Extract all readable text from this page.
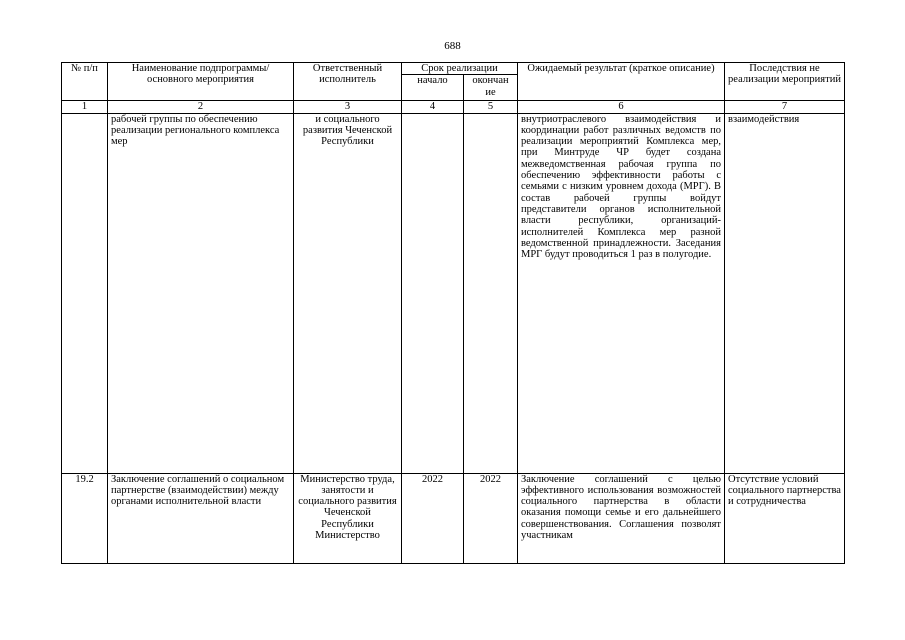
688
№ п/п	Наименование подпрограммы/ основного мероприятия	Ответственный исполнитель	Срок реализации		Ожидаемый результат (краткое описание)	Последствия не реализации мероприятий
			начало	окончан ие		
1	2	3	4	5	6	7
	рабочей группы по обеспечению реализации регионального комплекса мер	и социального развития Чеченской Республики			внутриотраслевого взаимодействия и координации работ различных ведомств по реализации мероприятий Комплекса мер, при Минтруде ЧР будет создана межведомственная рабочая группа по обеспечению эффективности работы с семьями с низким уровнем дохода (МРГ). В состав рабочей группы войдут представители органов исполнительной власти республики, организаций-исполнителей Комплекса мер разной ведомственной принадлежности. Заседания МРГ будут проводиться 1 раз в полугодие.	взаимодействия
19.2	Заключение соглашений о социальном партнерстве (взаимодействии) между органами исполнительной власти	Министерство труда, занятости и социального развития Чеченской Республики Министерство	2022	2022	Заключение соглашений с целью эффективного использования возможностей социального партнерства в области оказания помощи семье и его дальнейшего совершенствования. Соглашения позволят участникам	Отсутствие условий социального партнерства и сотрудничества
